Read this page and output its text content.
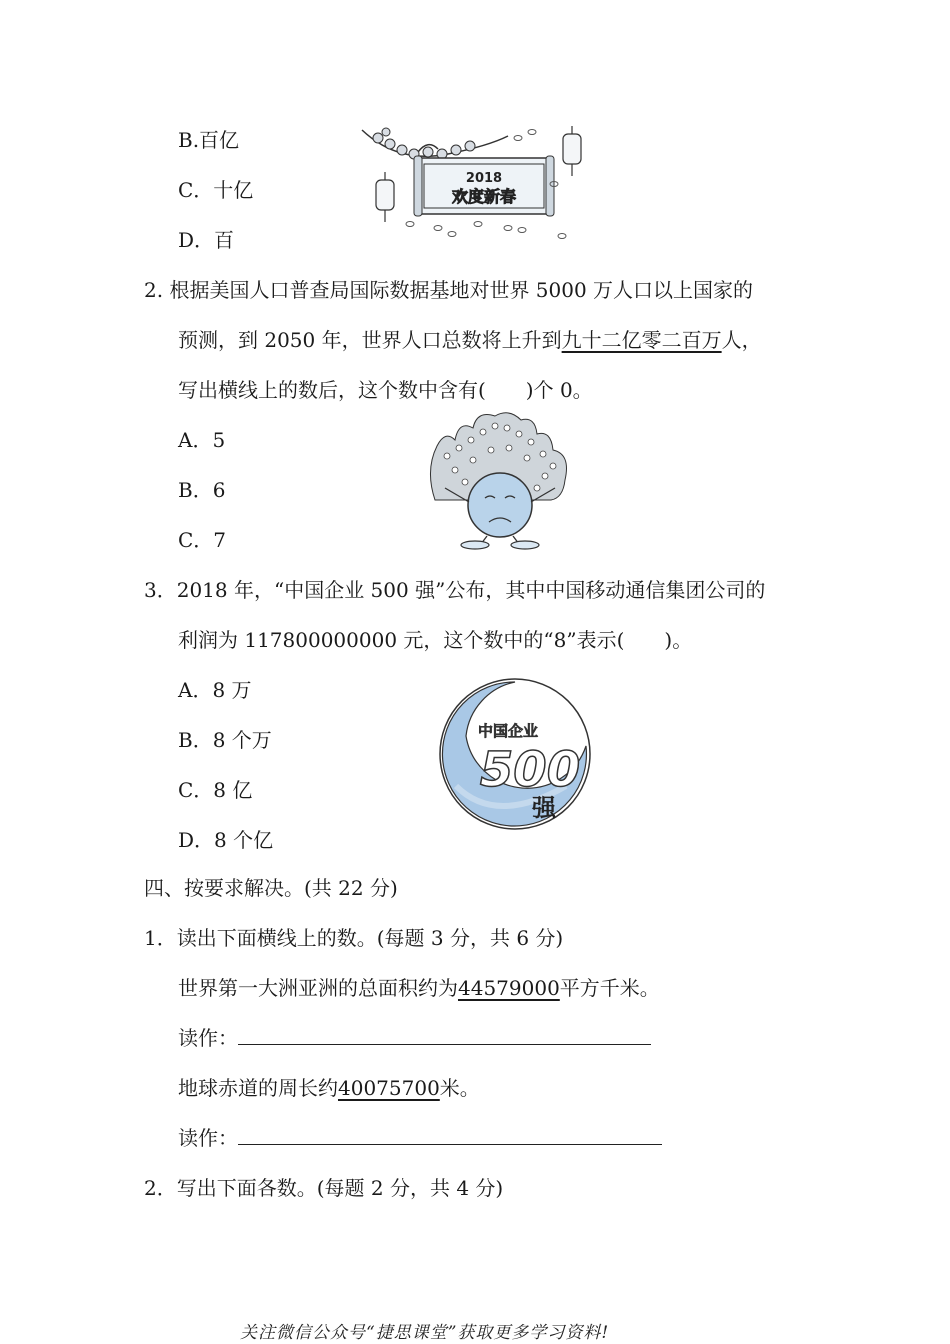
B.百亿
C．十亿
D．百
2018
欢度新春
2. 根据美国人口普查局国际数据基地对世界 5000 万人口以上国家的
预测，到 2050 年，世界人口总数将上升到九十二亿零二百万人，
写出横线上的数后，这个数中含有(　　)个 0。
A．5
B．6
C．7
3．2018 年，“中国企业 500 强”公布，其中中国移动通信集团公司的
利润为 117800000000 元，这个数中的“8”表示(　　)。
A．8 万
B．8 个万
C．8 亿
D．8 个亿
中国企业
500
强
四、按要求解决。(共 22 分)
1．读出下面横线上的数。(每题 3 分，共 6 分)
世界第一大洲亚洲的总面积约为44579000平方千米。
读作：
地球赤道的周长约40075700米。
读作：
2．写出下面各数。(每题 2 分，共 4 分)
关注微信公众号“捷思课堂”获取更多学习资料!
